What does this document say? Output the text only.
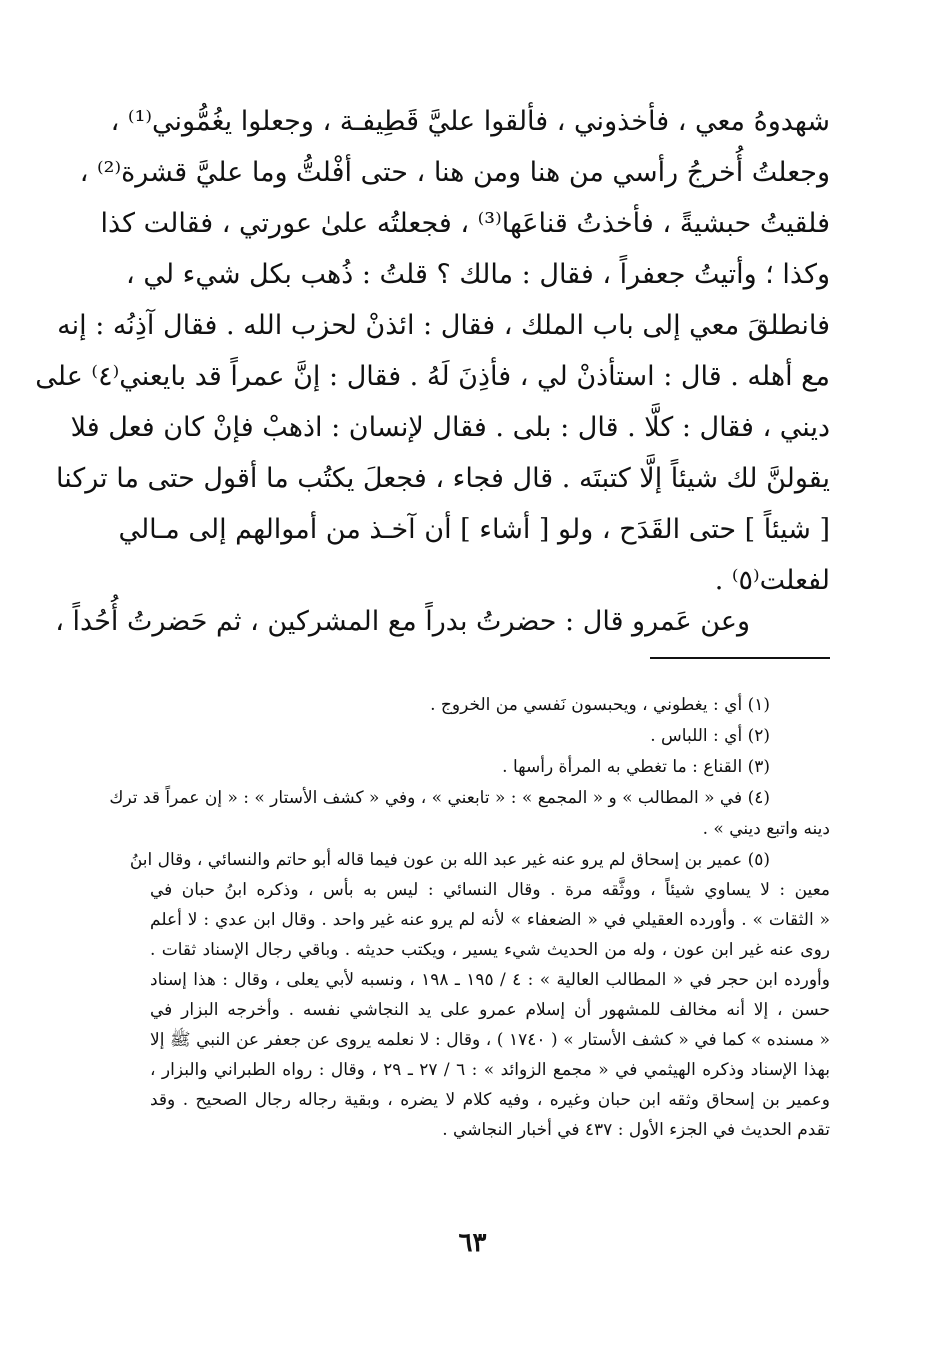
شهدوهُ معي ، فأخذوني ، فألقوا عليَّ قَطِيفـة ، وجعلوا يغُمُّوني⁽¹⁾ ،
وجعلتُ أُخرجُ رأسي من هنا ومن هنا ، حتى أفْلتُّ وما عليَّ قشرة⁽²⁾ ،
فلقيتُ حبشيةً ، فأخذتُ قناعَها⁽³⁾ ، فجعلتُه علىٰ عورتي ، فقالت كذا
وكذا ؛ وأتيتُ جعفراً ، فقال : مالك ؟ قلتُ : ذُهب بكل شيء لي ،
فانطلقَ معي إلى باب الملك ، فقال : ائذنْ لحزب الله . فقال آذِنُه : إنه
مع أهله . قال : استأذنْ لي ، فأذِنَ لَهُ . فقال : إنَّ عمراً قد بايعني⁽٤⁾ على
ديني ، فقال : كلَّا . قال : بلى . فقال لإنسان : اذهبْ فإنْ كان فعل فلا
يقولنَّ لك شيئاً إلَّا كتبتَه . قال فجاء ، فجعلَ يكتُب ما أقول حتى ما تركنا
[ شيئاً ] حتى القَدَح ، ولو [ أشاء ] أن آخـذ من أموالهم إلى مـالي
لفعلت⁽٥⁾ .
وعن عَمرو قال : حضرتُ بدراً مع المشركين ، ثم حَضرتُ أُحُداً ،
(١) أي : يغطوني ، ويحبسون نَفسي من الخروج .
(٢) أي : اللباس .
(٣) القناع : ما تغطي به المرأة رأسها .
(٤) في « المطالب » و « المجمع » : « تابعني » ، وفي « كشف الأستار » : « إن عمراً قد ترك
دينه واتبع ديني » .
(٥) عمير بن إسحاق لم يرو عنه غير عبد الله بن عون فيما قاله أبو حاتم والنسائي ، وقال ابنُ
معين : لا يساوي شيئاً ، ووثَّقه مرة . وقال النسائي : ليس به بأس ، وذكره ابنُ حبان في
« الثقات » . وأورده العقيلي في « الضعفاء » لأنه لم يرو عنه غير واحد . وقال ابن عدي : لا أعلم
روى عنه غير ابن عون ، وله من الحديث شيء يسير ، ويكتب حديثه . وباقي رجال الإسناد ثقات .
وأورده ابن حجر في « المطالب العالية » : ٤ / ١٩٥ ـ ١٩٨ ، ونسبه لأبي يعلى ، وقال : هذا إسناد
حسن ، إلا أنه مخالف للمشهور أن إسلام عمرو على يد النجاشي نفسه . وأخرجه البزار في
« مسنده » كما في « كشف الأستار » ( ١٧٤٠ ) ، وقال : لا نعلمه يروى عن جعفر عن النبي ﷺ إلا
بهذا الإسناد وذكره الهيثمي في « مجمع الزوائد » : ٦ / ٢٧ ـ ٢٩ ، وقال : رواه الطبراني والبزار ،
وعمير بن إسحاق وثقه ابن حبان وغيره ، وفيه كلام لا يضره ، وبقية رجاله رجال الصحيح . وقد
تقدم الحديث في الجزء الأول : ٤٣٧ في أخبار النجاشي .
٦٣
